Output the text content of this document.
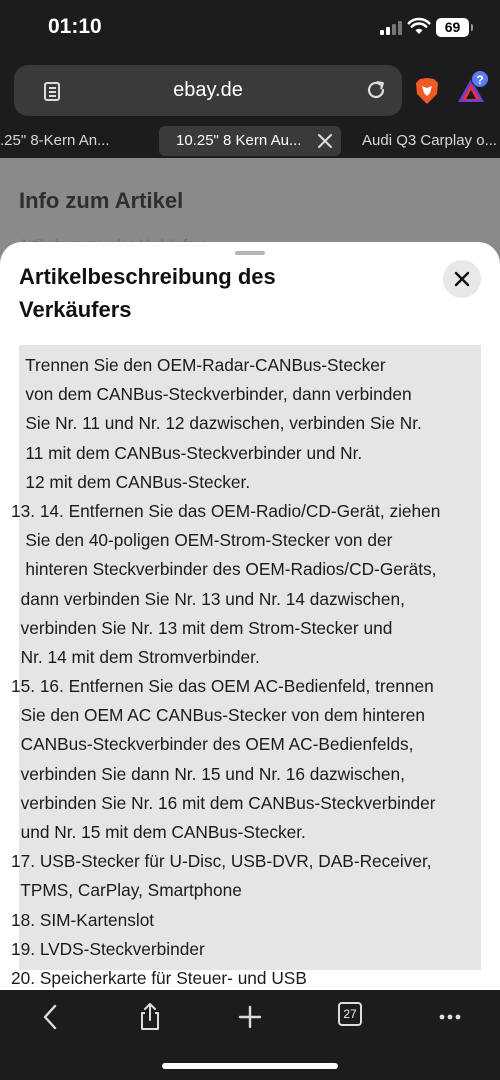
01:10	69
ebay.de	?
.25" 8-Kern An...	10.25" 8 Kern Au...	Audi Q3 Carplay o...
Info zum Artikel
Artikelbeschreibung des Verkäufers
Trennen Sie den OEM-Radar-CANBus-Stecker
von dem CANBus-Steckverbinder, dann verbinden
Sie Nr. 11 und Nr. 12 dazwischen, verbinden Sie Nr.
11 mit dem CANBus-Steckverbinder und Nr.
12 mit dem CANBus-Stecker.
13. 14. Entfernen Sie das OEM-Radio/CD-Gerät, ziehen
Sie den 40-poligen OEM-Strom-Stecker von der
hinteren Steckverbinder des OEM-Radios/CD-Geräts,
dann verbinden Sie Nr. 13 und Nr. 14 dazwischen,
verbinden Sie Nr. 13 mit dem Strom-Stecker und
Nr. 14 mit dem Stromverbinder.
15. 16. Entfernen Sie das OEM AC-Bedienfeld, trennen
Sie den OEM AC CANBus-Stecker von dem hinteren
CANBus-Steckverbinder des OEM AC-Bedienfelds,
verbinden Sie dann Nr. 15 und Nr. 16 dazwischen,
verbinden Sie Nr. 16 mit dem CANBus-Steckverbinder
und Nr. 15 mit dem CANBus-Stecker.
17. USB-Stecker für U-Disc, USB-DVR, DAB-Receiver,
TPMS, CarPlay, Smartphone
18. SIM-Kartenslot
19. LVDS-Steckverbinder
20. Speicherkarte für Steuer- und USB
27
